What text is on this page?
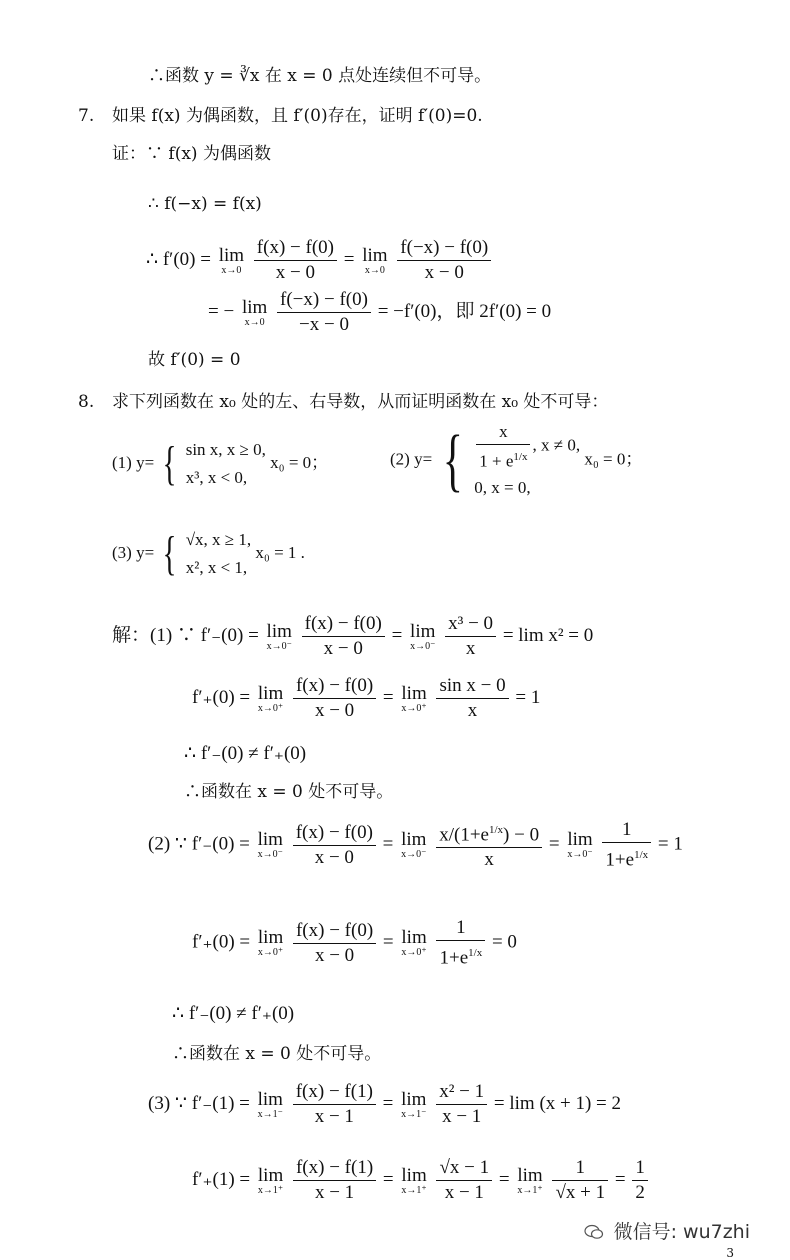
∴函数 y = ∛x 在 x = 0 点处连续但不可导。
7. 如果 f(x) 为偶函数，且 f′(0)存在，证明 f′(0)=0.
证：∵ f(x) 为偶函数
∴ f(−x) = f(x)
∴ f′(0) = lim
x→0
$\frac{f(x) - f(0)}{x - 0} = \lim$
x→0
$\frac{f(-x) - f(0)}{x - 0}$
= − lim
x→0
$\frac{f(-x) - f(0)}{-x - 0} = -f'(0)$，即 2f′(0) = 0
故 f′(0) = 0
8. 求下列函数在 x₀ 处的左、右导数，从而证明函数在 x₀ 处不可导：
(1) y= { sin x, x ≥ 0,
x³, x < 0,
x₀ = 0；	(2) y= { $\frac{x}{1 + e^{1/x}}$ , x ≠ 0,
0, x = 0,
x₀ = 0；
(3) y= { √x, x ≥ 1,
x², x < 1,
x₀ = 1 .
解：(1) ∵ f′₋(0) = lim
x→0⁻
$\frac{f(x) - f(0)}{x - 0} = \lim$
x→0⁻
$\frac{\text{x³ − 0}}{x} = \lim x^2 = 0$
f′₊(0) = lim
x→0⁺
$\frac{f(x) - f(0)}{x - 0} = \lim$
x→0⁺
$\frac{\text{sin x − 0}}{x} = 1$
∴ f′₋(0) ≠ f′₊(0)
∴函数在 x = 0 处不可导。
(2) ∵ f′₋(0) = lim
x→0⁻
$\frac{f(x) - f(0)}{x - 0} = \lim$
x→0⁻
$\frac{x/(1+e^{1/x}) - 0}{x} = \lim$
x→0⁻
$\frac{1}{1+e^{1/x}} = 1$
f′₊(0) = lim
x→0⁺
$\frac{f(x) - f(0)}{x - 0} = \lim$
x→0⁺
$\frac{1}{1+e^{1/x}} = 0$
∴ f′₋(0) ≠ f′₊(0)
∴函数在 x = 0 处不可导。
(3) ∵ f′₋(1) = lim
x→1⁻
$\frac{f(x) - f(1)}{x - 1} = \lim$
x→1⁻
$\frac{\text{x² − 1}}{x - 1} = \lim (x + 1) = 2$
f′₊(1) = lim
x→1⁺
$\frac{f(x) - f(1)}{x - 1} = \lim$
x→1⁺
$\frac{√x - 1}{x - 1} = \lim$
x→1⁺
$\frac{1}{√x + 1} = \frac{1}{2}$
微信号: wu7zhi
3
